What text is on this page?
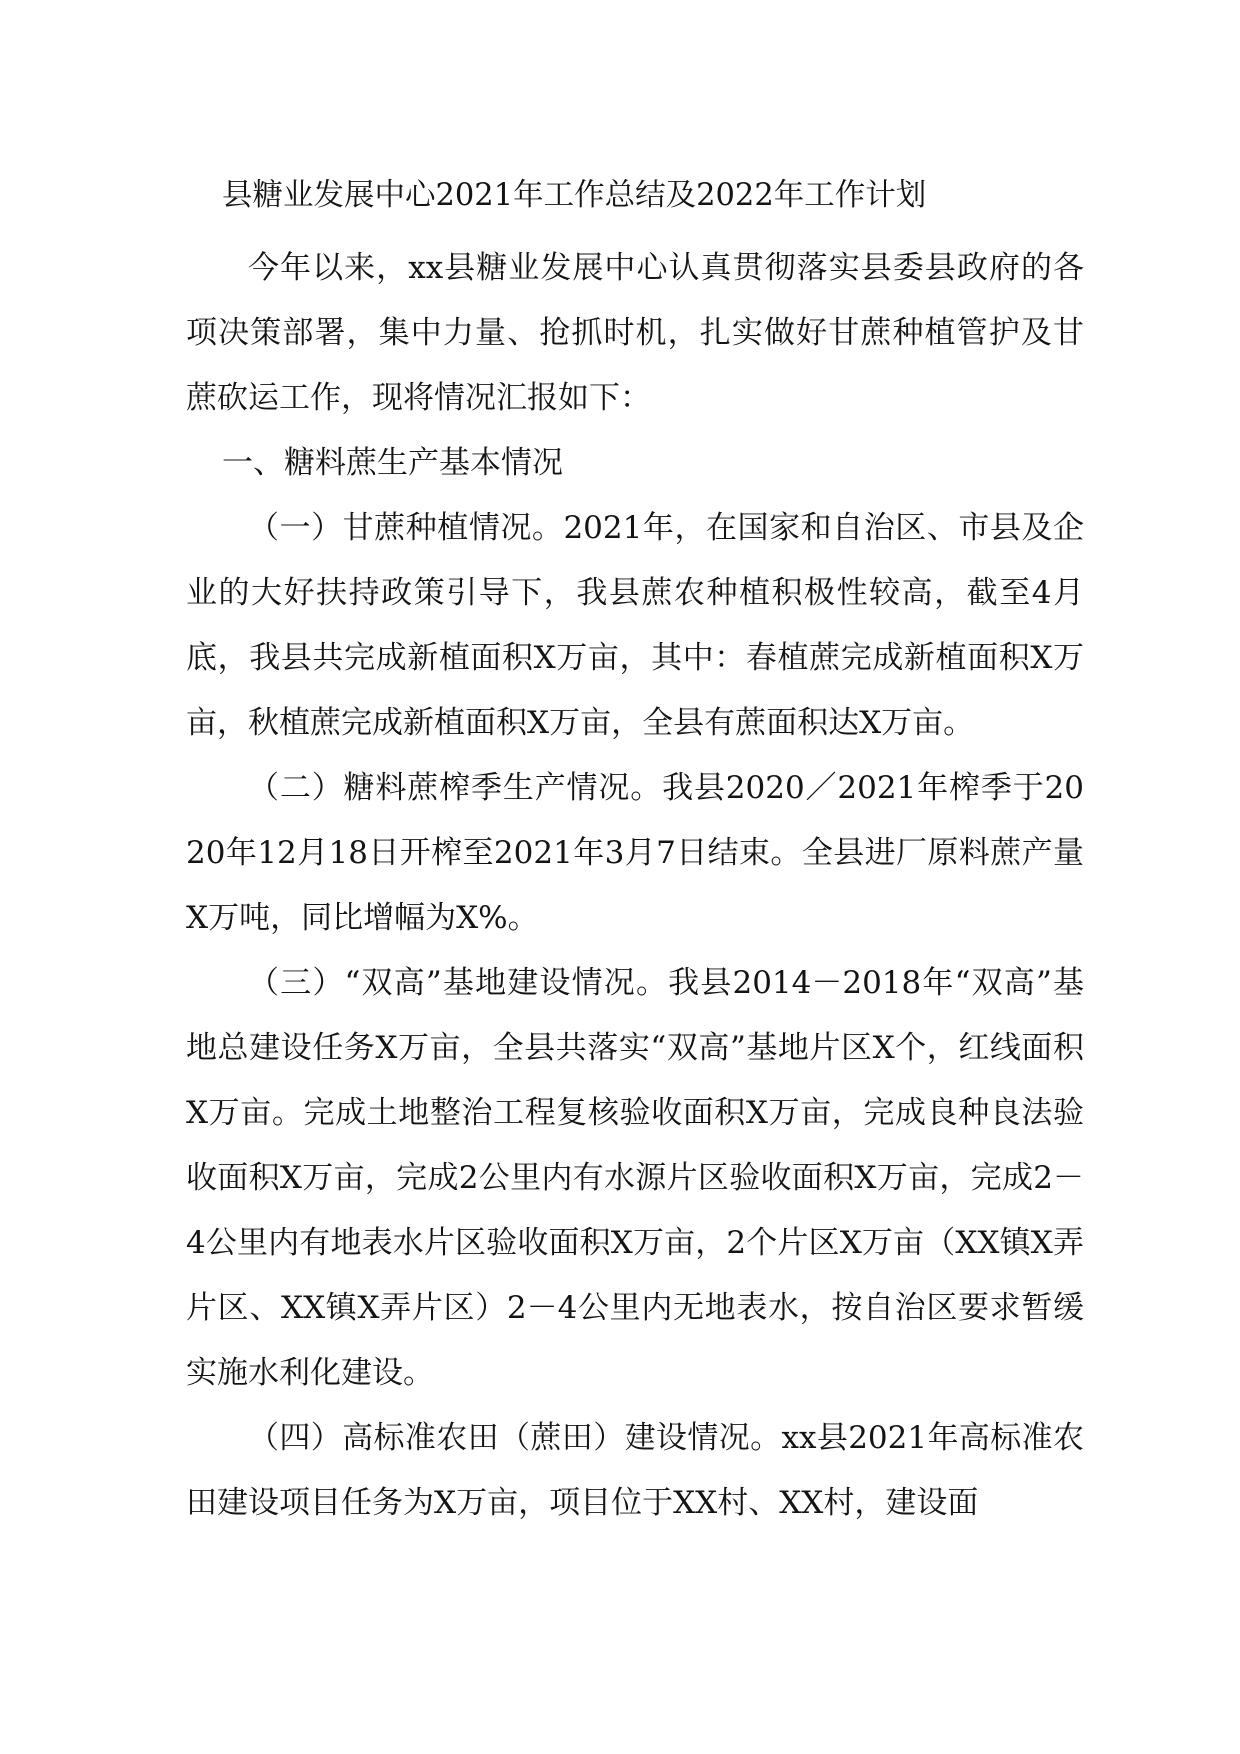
县糖业发展中心2021年工作总结及2022年工作计划

今年以来，xx县糖业发展中心认真贯彻落实县委县政府的各项决策部署，集中力量、抢抓时机，扎实做好甘蔗种植管护及甘蔗砍运工作，现将情况汇报如下：

一、糖料蔗生产基本情况

（一）甘蔗种植情况。2021年，在国家和自治区、市县及企业的大好扶持政策引导下，我县蔗农种植积极性较高，截至4月底，我县共完成新植面积X万亩，其中：春植蔗完成新植面积X万亩，秋植蔗完成新植面积X万亩，全县有蔗面积达X万亩。

（二）糖料蔗榨季生产情况。我县2020／2021年榨季于2020年12月18日开榨至2021年3月7日结束。全县进厂原料蔗产量X万吨，同比增幅为X%。

（三）“双高”基地建设情况。我县2014－2018年“双高”基地总建设任务X万亩，全县共落实“双高”基地片区X个，红线面积X万亩。完成土地整治工程复核验收面积X万亩，完成良种良法验收面积X万亩，完成2公里内有水源片区验收面积X万亩，完成2－4公里内有地表水片区验收面积X万亩，2个片区X万亩（XX镇X弄片区、XX镇X弄片区）2－4公里内无地表水，按自治区要求暂缓实施水利化建设。

（四）高标准农田（蔗田）建设情况。xx县2021年高标准农田建设项目任务为X万亩，项目位于XX村、XX村，建设面
